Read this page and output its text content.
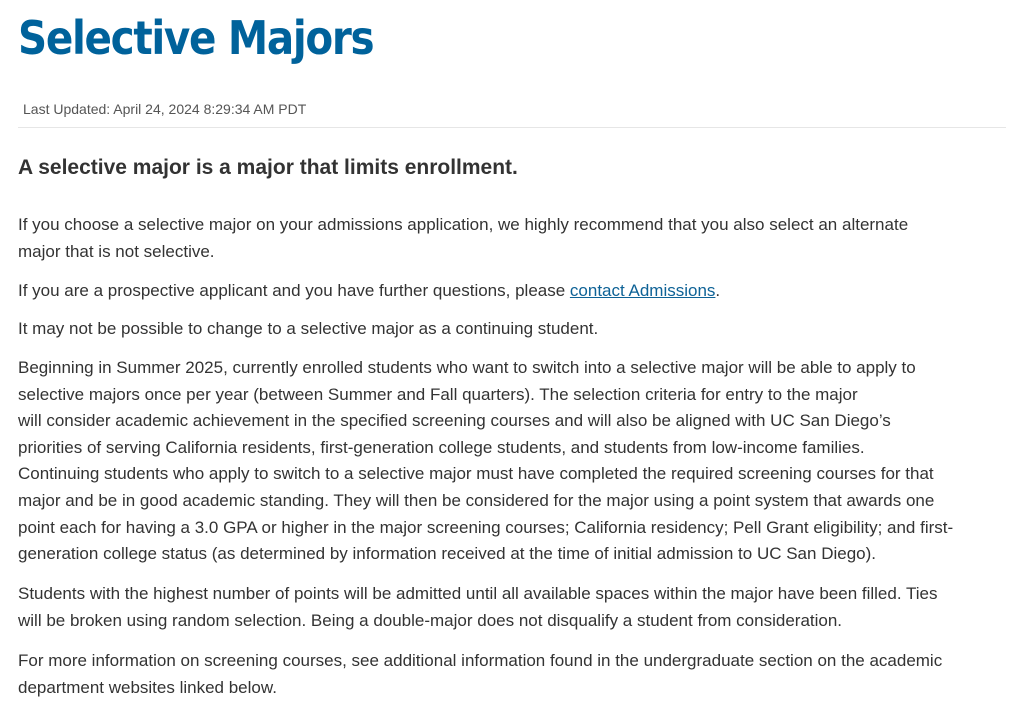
Selective Majors
Last Updated: April 24, 2024 8:29:34 AM PDT
A selective major is a major that limits enrollment.

If you choose a selective major on your admissions application, we highly recommend that you also select an alternate
major that is not selective.

If you are a prospective applicant and you have further questions, please contact Admissions.

It may not be possible to change to a selective major as a continuing student.

Beginning in Summer 2025, currently enrolled students who want to switch into a selective major will be able to apply to
selective majors once per year (between Summer and Fall quarters). The selection criteria for entry to the major
will consider academic achievement in the specified screening courses and will also be aligned with UC San Diego’s
priorities of serving California residents, first-generation college students, and students from low-income families.
Continuing students who apply to switch to a selective major must have completed the required screening courses for that
major and be in good academic standing. They will then be considered for the major using a point system that awards one
point each for having a 3.0 GPA or higher in the major screening courses; California residency; Pell Grant eligibility; and first-
generation college status (as determined by information received at the time of initial admission to UC San Diego).

Students with the highest number of points will be admitted until all available spaces within the major have been filled. Ties
will be broken using random selection. Being a double-major does not disqualify a student from consideration.

For more information on screening courses, see additional information found in the undergraduate section on the academic
department websites linked below.
